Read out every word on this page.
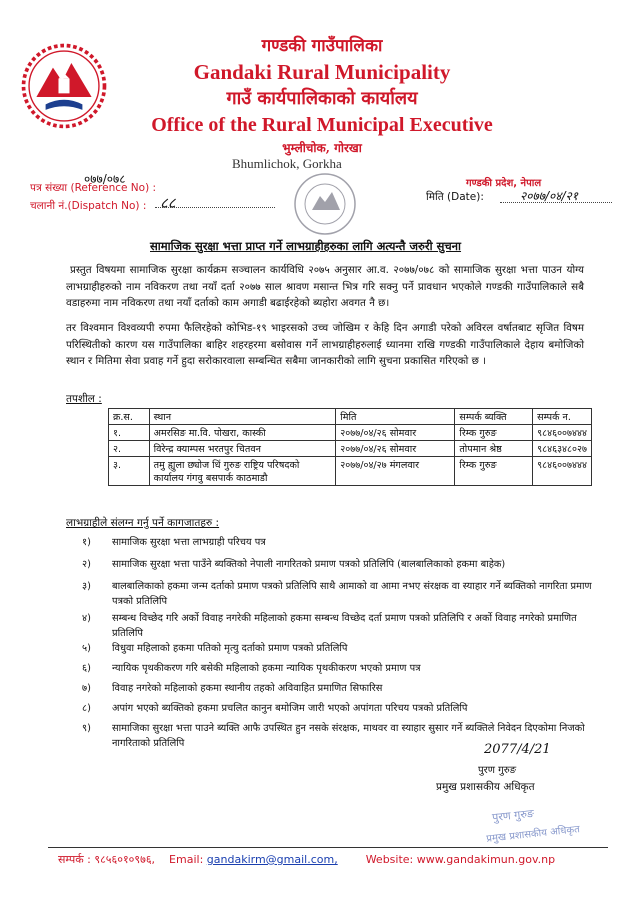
गण्डकी गाउँपालिका
Gandaki Rural Municipality
गाउँ कार्यपालिकाको कार्यालय
Office of the Rural Municipal Executive
भुम्लीचोक, गोरखा
Bhumlichok, Gorkha
०७७/०७८
पत्र संख्या (Reference No) :
चलानी नं.(Dispatch No) : ८८
गण्डकी प्रदेश, नेपाल
मिति (Date):	२०७७/०४/२१
सामाजिक सुरक्षा भत्ता प्राप्त गर्ने लाभग्राहीहरुका लागि अत्यन्तै जरुरी सुचना
प्रस्तुत विषयमा सामाजिक सुरक्षा कार्यक्रम सञ्चालन कार्यविधि २०७५ अनुसार आ.व. २०७७/०७८ को सामाजिक सुरक्षा भत्ता पाउन योग्य लाभग्राहीहरुको नाम नविकरण तथा नयाँ दर्ता २०७७ साल श्रावण मसान्त भित्र गरि सक्नु पर्ने प्रावधान भएकोले गण्डकी गाउँपालिकाले सबै वडाहरुमा नाम नविकरण तथा नयाँ दर्ताको काम अगाडी बढाईरहेको ब्यहोरा अवगत नै छ।
तर विश्वमान विश्वव्यपी रुपमा फैलिरहेको कोभिड-१९ भाइरसको उच्च जोखिम र केहि दिन अगाडी परेको अविरल वर्षातबाट सृजित विषम परिस्थितीको कारण यस गाउँपालिका बाहिर शहरहरमा बसोवास गर्ने लाभग्राहीहरुलाई ध्यानमा राखि गण्डकी गाउँपालिकाले देहाय बमोजिको स्थान र मितिमा सेवा प्रवाह गर्ने हुदा सरोकारवाला सम्बन्धित सबैमा जानकारीको लागि सुचना प्रकासित गरिएको छ ।
तपशील :
क्र.स.	स्थान	मिति	सम्पर्क ब्यक्ति	सम्पर्क न.
१.	अमरसिङ मा.वि. पोखरा, कास्की	२०७७/०४/२६ सोमवार	रिम्क गुरुङ	९८४६००७४४४
२.	विरेन्द्र क्याम्पस भरतपुर चितवन	२०७७/०४/२६ सोमवार	तोपमान श्रेष्ठ	९८४६३४८०२७
३.	तमु ह्युला छ्योज धिं गुरुङ राष्ट्रिय परिषदको कार्यालय गंगवु बसपार्क काठमाडौ	२०७७/०४/२७ मंगलवार	रिम्क गुरुङ	९८४६००७४४४
लाभग्राहीले संलग्न गर्नु पर्ने कागजातहरु :
१)	सामाजिक सुरक्षा भत्ता लाभग्राही परिचय पत्र
२)	सामाजिक सुरक्षा भत्ता पाउँने ब्यक्तिको नेपाली नागरितको प्रमाण पत्रको प्रतिलिपि (बालबालिकाको हकमा बाहेक)
३)	बालबालिकाको हकमा जन्म दर्ताको प्रमाण पत्रको प्रतिलिपि साथै आमाको वा आमा नभए संरक्षक वा स्याहार गर्ने ब्यक्तिको नागरिता प्रमाण पत्रको प्रतिलिपि
४)	सम्बन्ध विच्छेद गरि अर्को विवाह नगरेकी महिलाको हकमा सम्बन्ध विच्छेद दर्ता प्रमाण पत्रको प्रतिलिपि र अर्को विवाह नगरेको प्रमाणित प्रतिलिपि
५)	विधुवा महिलाको हकमा पतिको मृत्यु दर्ताको प्रमाण पत्रको प्रतिलिपि
६)	न्यायिक पृथकीकरण गरि बसेकी महिलाको हकमा न्यायिक पृथकीकरण भएको प्रमाण पत्र
७)	विवाह नगरेको महिलाको हकमा स्थानीय तहको अविवाहित प्रमाणित सिफारिस
८)	अपांग भएको ब्यक्तिको हकमा प्रचलित कानुन बमोजिम जारी भएको अपांगता परिचय पत्रको प्रतिलिपि
९)	सामाजिका सुरक्षा भत्ता पाउने ब्यक्ति आफै उपस्थित हुन नसके संरक्षक, माथवर वा स्याहार सुसार गर्ने ब्यक्तिले निवेदन दिएकोमा निजको नागरिताको प्रतिलिपि	2077/4/21
पुरण गुरुङ
प्रमुख प्रशासकीय अधिकृत
पुरण गुरुङ
प्रमुख प्रशासकीय अधिकृत
सम्पर्क : ९८५६०१०९७६, Email: gandakirm@gmail.com,	Website: www.gandakimun.gov.np
